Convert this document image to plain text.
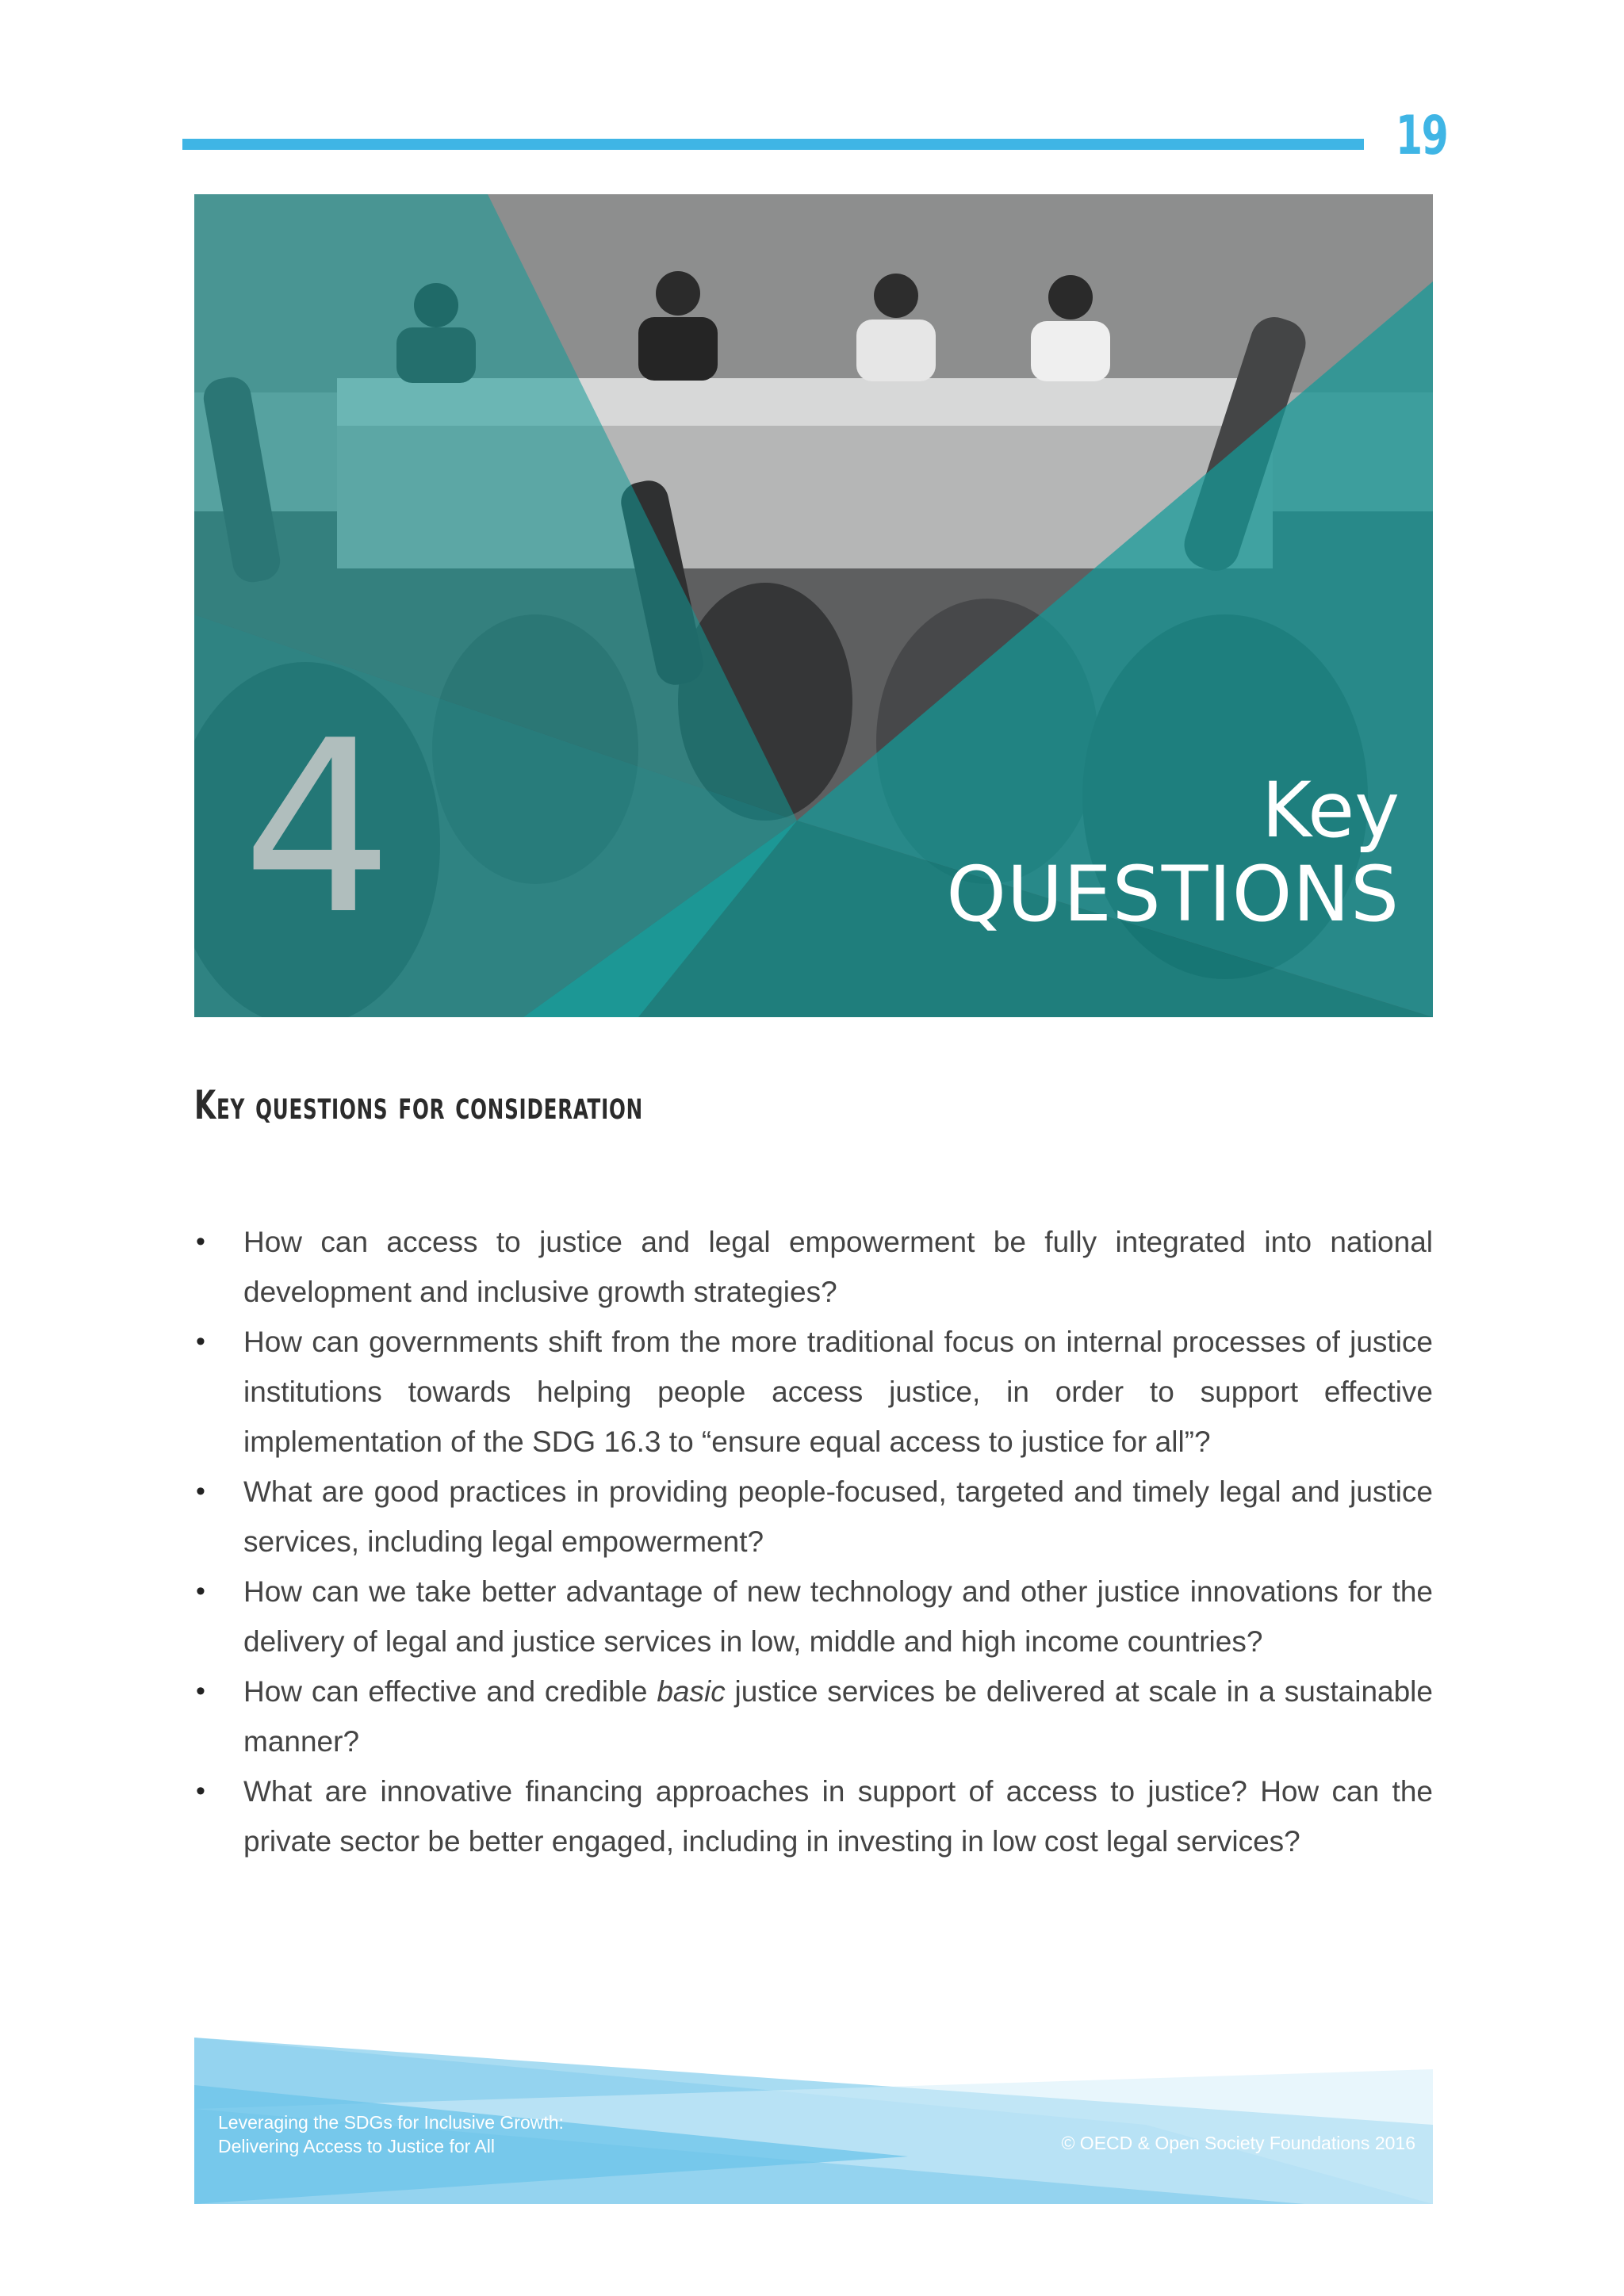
19
4	Key
QUESTIONS
Key questions for consideration
• How can access to justice and legal empowerment be fully integrated into national development and inclusive growth strategies?
• How can governments shift from the more traditional focus on internal processes of justice institutions towards helping people access justice, in order to support effective implementation of the SDG 16.3 to “ensure equal access to justice for all”?
• What are good practices in providing people-focused, targeted and timely legal and justice services, including legal empowerment?
• How can we take better advantage of new technology and other justice innovations for the delivery of legal and justice services in low, middle and high income countries?
• How can effective and credible basic justice services be delivered at scale in a sustainable manner?
• What are innovative financing approaches in support of access to justice? How can the private sector be better engaged, including in investing in low cost legal services?
Leveraging the SDGs for Inclusive Growth:
Delivering Access to Justice for All	© OECD & Open Society Foundations 2016
